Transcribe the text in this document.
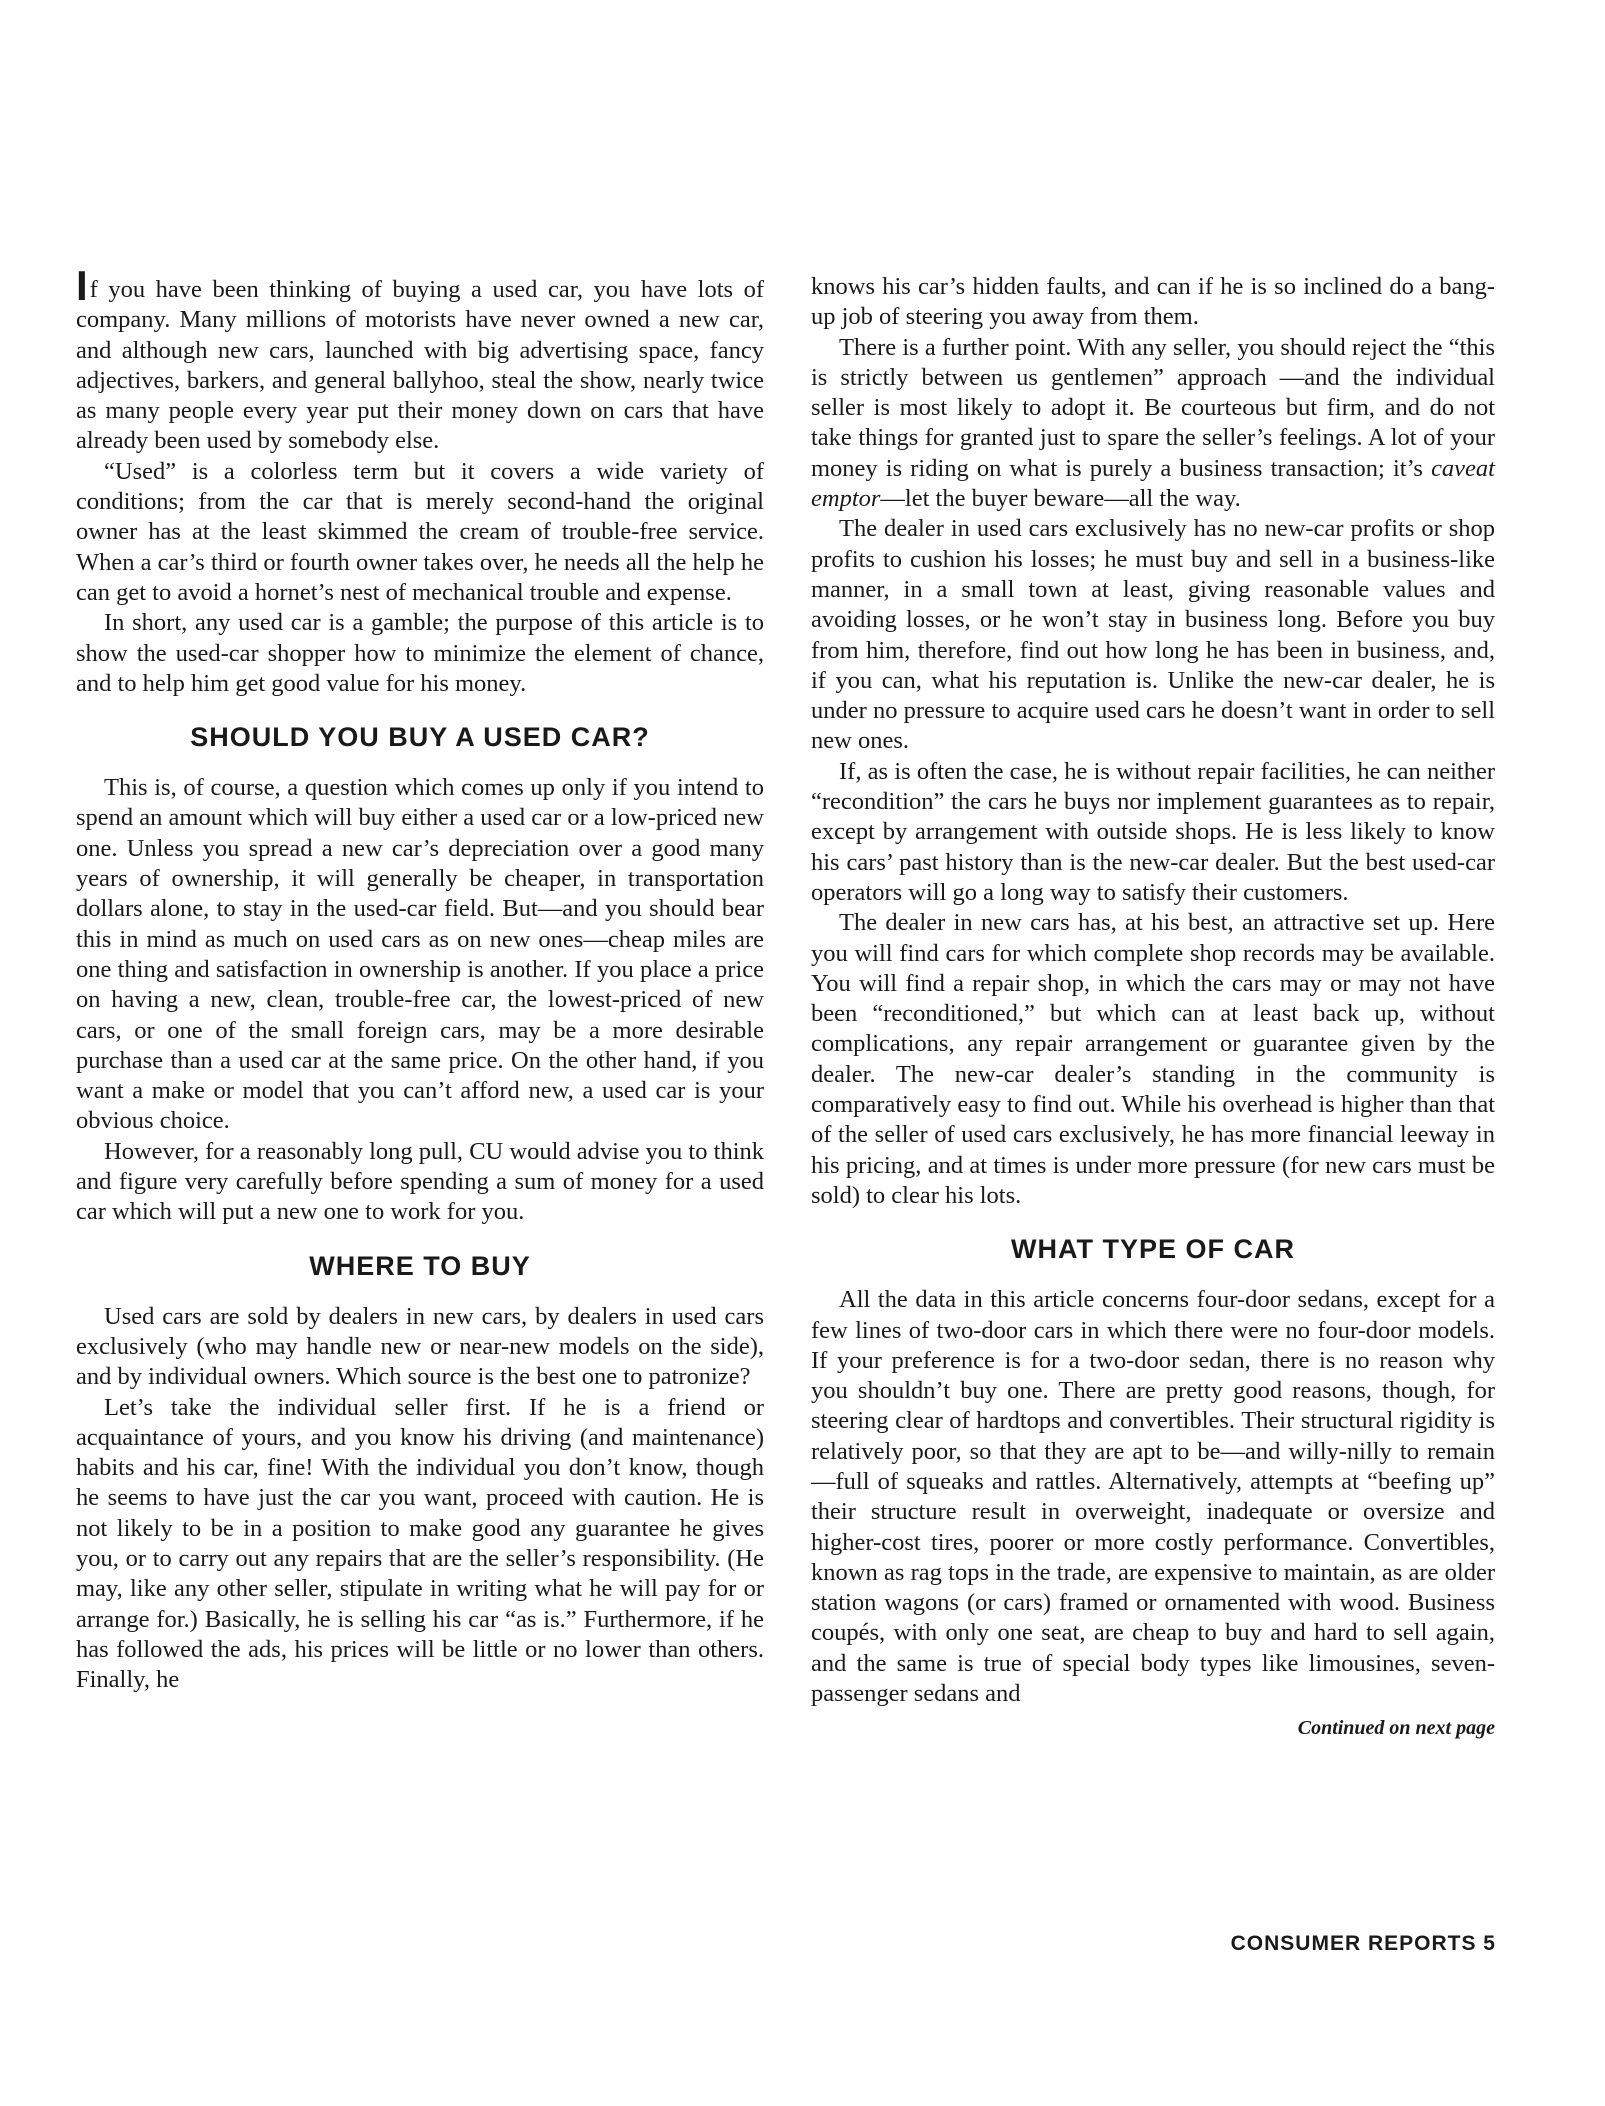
If you have been thinking of buying a used car, you have lots of company. Many millions of motorists have never owned a new car, and although new cars, launched with big advertising space, fancy adjectives, barkers, and general ballyhoo, steal the show, nearly twice as many people every year put their money down on cars that have already been used by somebody else.

“Used” is a colorless term but it covers a wide variety of conditions; from the car that is merely second-hand the original owner has at the least skimmed the cream of trouble-free service. When a car’s third or fourth owner takes over, he needs all the help he can get to avoid a hornet’s nest of mechanical trouble and expense.

In short, any used car is a gamble; the purpose of this article is to show the used-car shopper how to minimize the element of chance, and to help him get good value for his money.

SHOULD YOU BUY A USED CAR?

This is, of course, a question which comes up only if you intend to spend an amount which will buy either a used car or a low-priced new one. Unless you spread a new car’s depreciation over a good many years of ownership, it will generally be cheaper, in transportation dollars alone, to stay in the used-car field. But—and you should bear this in mind as much on used cars as on new ones—cheap miles are one thing and satisfaction in ownership is another. If you place a price on having a new, clean, trouble-free car, the lowest-priced of new cars, or one of the small foreign cars, may be a more desirable purchase than a used car at the same price. On the other hand, if you want a make or model that you can’t afford new, a used car is your obvious choice.

However, for a reasonably long pull, CU would advise you to think and figure very carefully before spending a sum of money for a used car which will put a new one to work for you.

WHERE TO BUY

Used cars are sold by dealers in new cars, by dealers in used cars exclusively (who may handle new or near-new models on the side), and by individual owners. Which source is the best one to patronize?

Let’s take the individual seller first. If he is a friend or acquaintance of yours, and you know his driving (and maintenance) habits and his car, fine! With the individual you don’t know, though he seems to have just the car you want, proceed with caution. He is not likely to be in a position to make good any guarantee he gives you, or to carry out any repairs that are the seller’s responsibility. (He may, like any other seller, stipulate in writing what he will pay for or arrange for.) Basically, he is selling his car “as is.” Furthermore, if he has followed the ads, his prices will be little or no lower than others. Finally, he

knows his car’s hidden faults, and can if he is so inclined do a bang-up job of steering you away from them.

There is a further point. With any seller, you should reject the “this is strictly between us gentlemen” approach —and the individual seller is most likely to adopt it. Be courteous but firm, and do not take things for granted just to spare the seller’s feelings. A lot of your money is riding on what is purely a business transaction; it’s caveat emptor—let the buyer beware—all the way.

The dealer in used cars exclusively has no new-car profits or shop profits to cushion his losses; he must buy and sell in a business-like manner, in a small town at least, giving reasonable values and avoiding losses, or he won’t stay in business long. Before you buy from him, therefore, find out how long he has been in business, and, if you can, what his reputation is. Unlike the new-car dealer, he is under no pressure to acquire used cars he doesn’t want in order to sell new ones.

If, as is often the case, he is without repair facilities, he can neither “recondition” the cars he buys nor implement guarantees as to repair, except by arrangement with outside shops. He is less likely to know his cars’ past history than is the new-car dealer. But the best used-car operators will go a long way to satisfy their customers.

The dealer in new cars has, at his best, an attractive set up. Here you will find cars for which complete shop records may be available. You will find a repair shop, in which the cars may or may not have been “reconditioned,” but which can at least back up, without complications, any repair arrangement or guarantee given by the dealer. The new-car dealer’s standing in the community is comparatively easy to find out. While his overhead is higher than that of the seller of used cars exclusively, he has more financial leeway in his pricing, and at times is under more pressure (for new cars must be sold) to clear his lots.

WHAT TYPE OF CAR

All the data in this article concerns four-door sedans, except for a few lines of two-door cars in which there were no four-door models. If your preference is for a two-door sedan, there is no reason why you shouldn’t buy one. There are pretty good reasons, though, for steering clear of hardtops and convertibles. Their structural rigidity is relatively poor, so that they are apt to be—and willy-nilly to remain—full of squeaks and rattles. Alternatively, attempts at “beefing up” their structure result in overweight, inadequate or oversize and higher-cost tires, poorer or more costly performance. Convertibles, known as rag tops in the trade, are expensive to maintain, as are older station wagons (or cars) framed or ornamented with wood. Business coupés, with only one seat, are cheap to buy and hard to sell again, and the same is true of special body types like limousines, seven-passenger sedans and

Continued on next page
CONSUMER REPORTS 5
